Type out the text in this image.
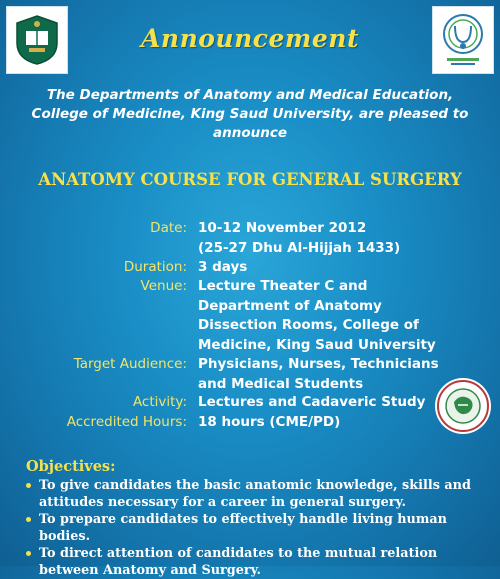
Announcement
The Departments of Anatomy and Medical Education, College of Medicine, King Saud University, are pleased to announce
ANATOMY COURSE FOR GENERAL SURGERY
Date: 10-12 November 2012
(25-27 Dhu Al-Hijjah 1433)
Duration: 3 days
Venue: Lecture Theater C and Department of Anatomy Dissection Rooms, College of Medicine, King Saud University
Target Audience: Physicians, Nurses, Technicians and Medical Students
Activity: Lectures and Cadaveric Study
Accredited Hours: 18 hours (CME/PD)
Objectives:
To give candidates the basic anatomic knowledge, skills and attitudes necessary for a career in general surgery.
To prepare candidates to effectively handle living human bodies.
To direct attention of candidates to the mutual relation between Anatomy and Surgery.
